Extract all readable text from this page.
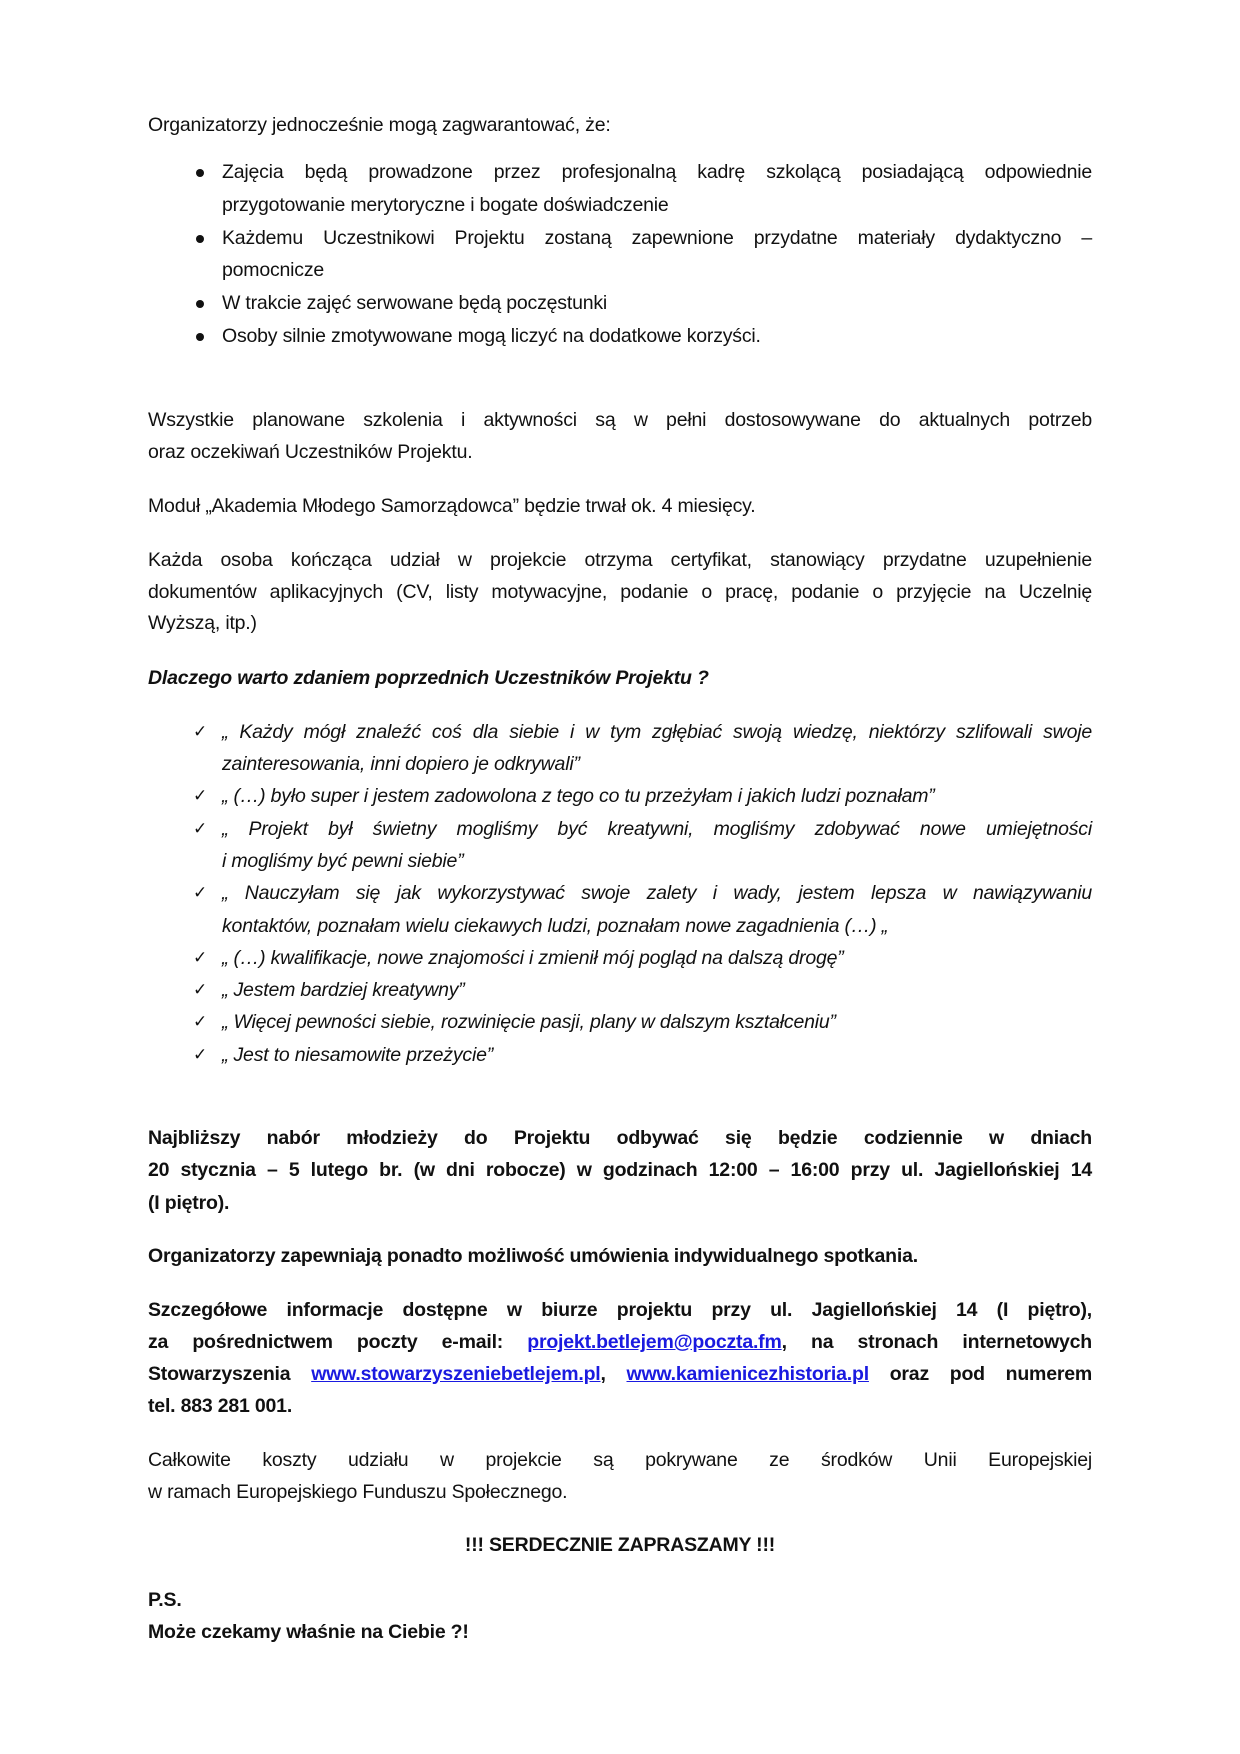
Organizatorzy jednocześnie mogą zagwarantować, że:
Zajęcia będą prowadzone przez profesjonalną kadrę szkolącą posiadającą odpowiednie
przygotowanie merytoryczne i bogate doświadczenie
Każdemu Uczestnikowi Projektu zostaną zapewnione przydatne materiały dydaktyczno –
pomocnicze
W trakcie zajęć serwowane będą poczęstunki
Osoby silnie zmotywowane mogą liczyć na dodatkowe korzyści.
Wszystkie planowane szkolenia i aktywności są w pełni dostosowywane do aktualnych potrzeb
oraz oczekiwań Uczestników Projektu.
Moduł „Akademia Młodego Samorządowca” będzie trwał ok. 4 miesięcy.
Każda osoba kończąca udział w projekcie otrzyma certyfikat, stanowiący przydatne uzupełnienie
dokumentów aplikacyjnych (CV, listy motywacyjne, podanie o pracę, podanie o przyjęcie na Uczelnię
Wyższą, itp.)
Dlaczego warto zdaniem poprzednich Uczestników Projektu ?
✓ „ Każdy mógł znaleźć coś dla siebie i w tym zgłębiać swoją wiedzę, niektórzy szlifowali swoje
zainteresowania, inni dopiero je odkrywali”
✓ „ (…) było super i jestem zadowolona z tego co tu przeżyłam i jakich ludzi poznałam”
✓ „ Projekt był świetny mogliśmy być kreatywni, mogliśmy zdobywać nowe umiejętności
i mogliśmy być pewni siebie”
✓ „ Nauczyłam się jak wykorzystywać swoje zalety i wady, jestem lepsza w nawiązywaniu
kontaktów, poznałam wielu ciekawych ludzi, poznałam nowe zagadnienia (…) „
✓ „ (…) kwalifikacje, nowe znajomości i zmienił mój pogląd na dalszą drogę”
✓ „ Jestem bardziej kreatywny”
✓ „ Więcej pewności siebie, rozwinięcie pasji, plany w dalszym kształceniu”
✓ „ Jest to niesamowite przeżycie”
Najbliższy nabór młodzieży do Projektu odbywać się będzie codziennie w dniach
20 stycznia – 5 lutego br. (w dni robocze) w godzinach 12:00 – 16:00 przy ul. Jagiellońskiej 14
(I piętro).
Organizatorzy zapewniają ponadto możliwość umówienia indywidualnego spotkania.
Szczegółowe informacje dostępne w biurze projektu przy ul. Jagiellońskiej 14 (I piętro),
za pośrednictwem poczty e-mail: projekt.betlejem@poczta.fm, na stronach internetowych
Stowarzyszenia www.stowarzyszeniebetlejem.pl, www.kamienicezhistoria.pl oraz pod numerem
tel. 883 281 001.
Całkowite koszty udziału w projekcie są pokrywane ze środków Unii Europejskiej
w ramach Europejskiego Funduszu Społecznego.
!!! SERDECZNIE ZAPRASZAMY !!!
P.S.
Może czekamy właśnie na Ciebie ?!
